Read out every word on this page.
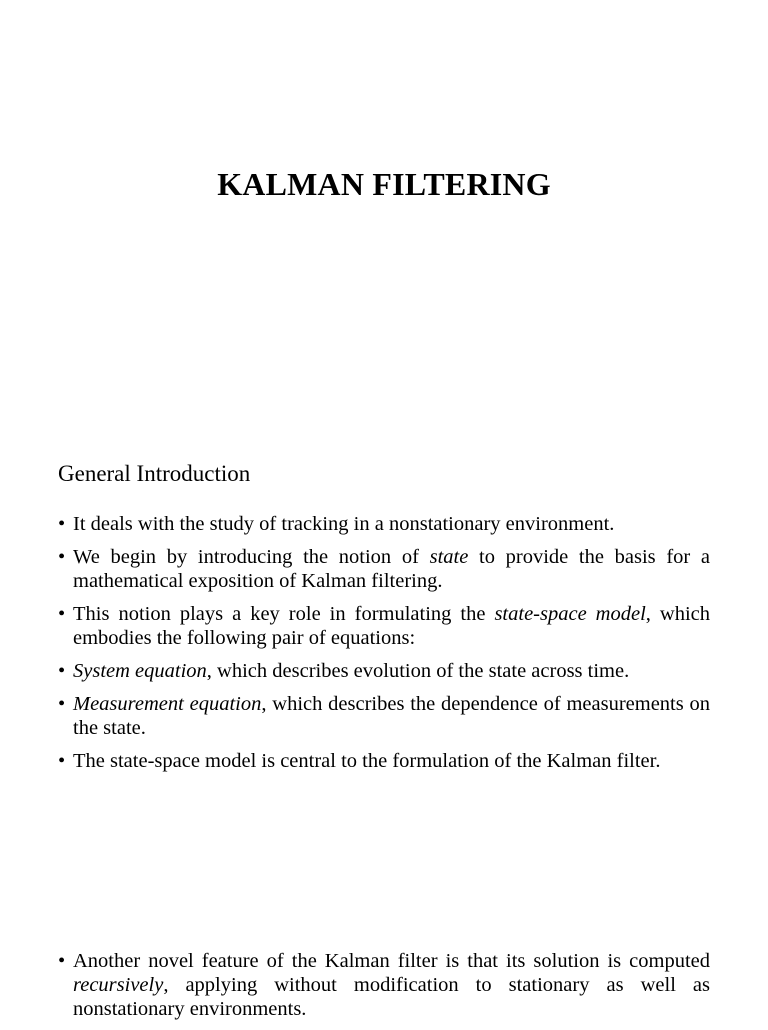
KALMAN FILTERING
General Introduction
• It deals with the study of tracking in a nonstationary environment.
• We begin by introducing the notion of state to provide the basis for a mathematical exposition of Kalman filtering.
• This notion plays a key role in formulating the state-space model, which embodies the following pair of equations:
• System equation, which describes evolution of the state across time.
• Measurement equation, which describes the dependence of measurements on the state.
• The state-space model is central to the formulation of the Kalman filter.
• Another novel feature of the Kalman filter is that its solution is computed recursively, applying without modification to stationary as well as nonstationary environments.
